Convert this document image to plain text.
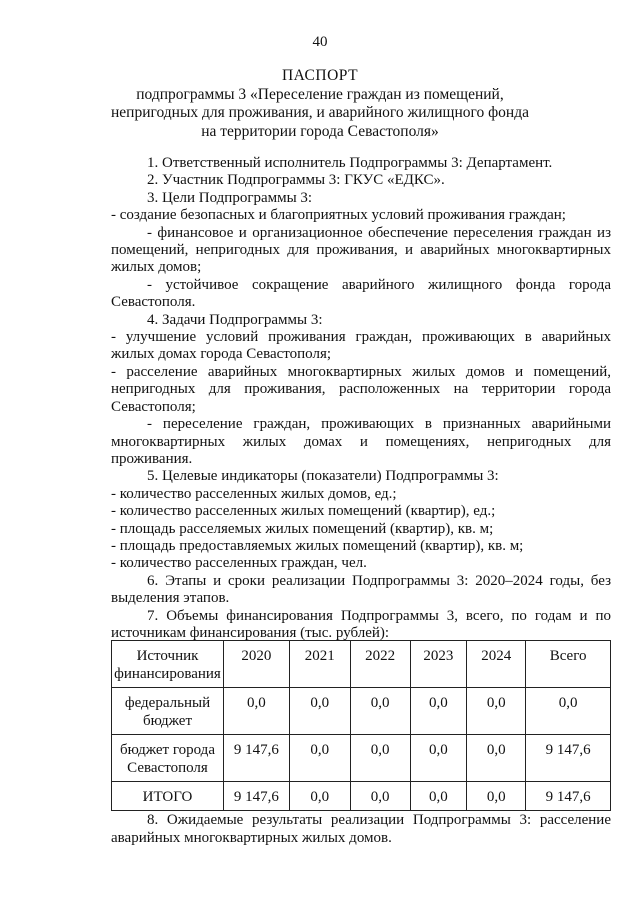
40
ПАСПОРТ
подпрограммы 3 «Переселение граждан из помещений,
непригодных для проживания, и аварийного жилищного фонда
на территории города Севастополя»

1. Ответственный исполнитель Подпрограммы 3: Департамент.

2. Участник Подпрограммы 3: ГКУС «ЕДКС».

3. Цели Подпрограммы 3:

- создание безопасных и благоприятных условий проживания граждан;

- финансовое и организационное обеспечение переселения граждан из помещений, непригодных для проживания, и аварийных многоквартирных жилых домов;

- устойчивое сокращение аварийного жилищного фонда города Севастополя.

4. Задачи Подпрограммы 3:

- улучшение условий проживания граждан, проживающих в аварийных жилых домах города Севастополя;

- расселение аварийных многоквартирных жилых домов и помещений, непригодных для проживания, расположенных на территории города Севастополя;

- переселение граждан, проживающих в признанных аварийными многоквартирных жилых домах и помещениях, непригодных для проживания.

5. Целевые индикаторы (показатели) Подпрограммы 3:

- количество расселенных жилых домов, ед.;

- количество расселенных жилых помещений (квартир), ед.;

- площадь расселяемых жилых помещений (квартир), кв. м;

- площадь предоставляемых жилых помещений (квартир), кв. м;

- количество расселенных граждан, чел.

6. Этапы и сроки реализации Подпрограммы 3: 2020–2024 годы, без выделения этапов.

7. Объемы финансирования Подпрограммы 3, всего, по годам и по источникам финансирования (тыс. рублей):

Источник финансирования	2020	2021	2022	2023	2024	Всего
федеральный бюджет	0,0	0,0	0,0	0,0	0,0	0,0
бюджет города Севастополя	9 147,6	0,0	0,0	0,0	0,0	9 147,6
ИТОГО	9 147,6	0,0	0,0	0,0	0,0	9 147,6

8. Ожидаемые результаты реализации Подпрограммы 3: расселение аварийных многоквартирных жилых домов.
